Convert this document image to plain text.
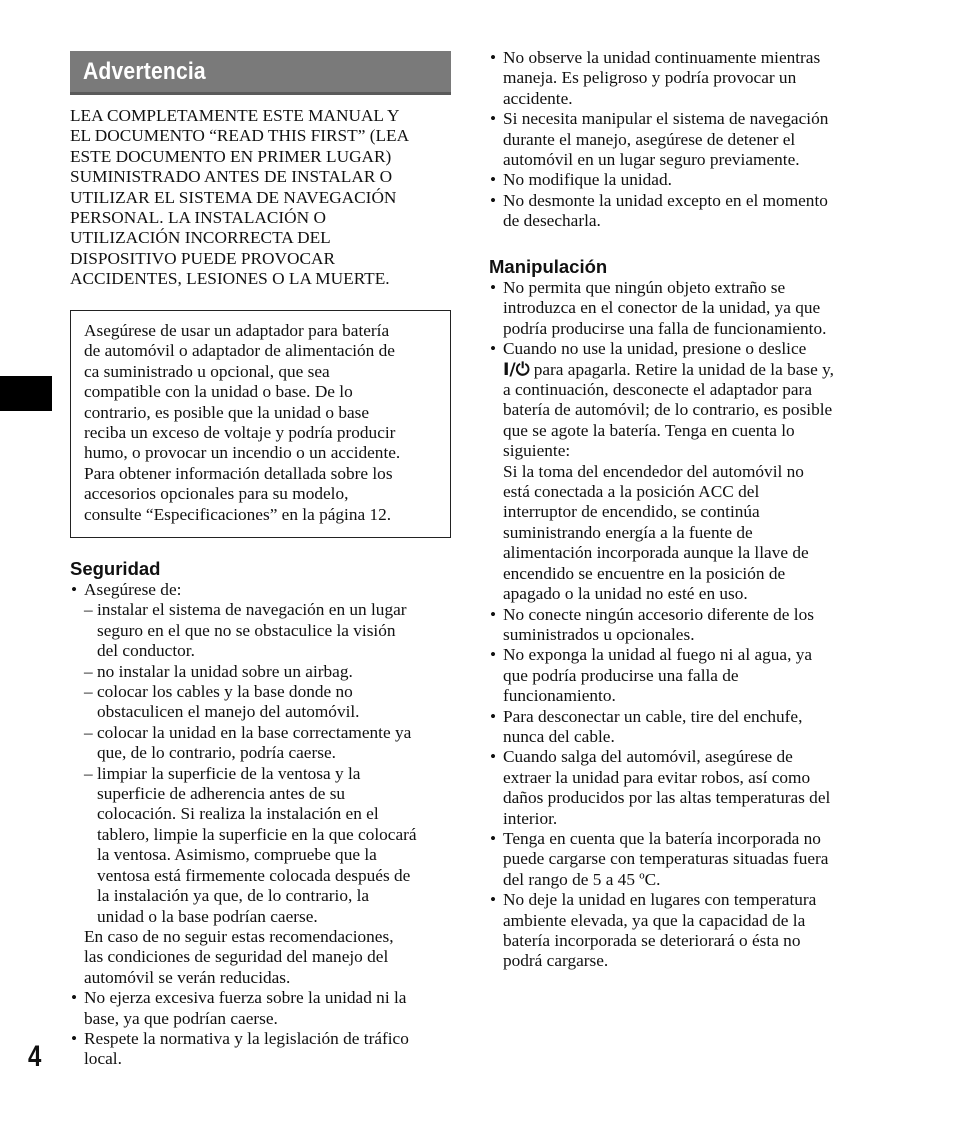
Advertencia
LEA COMPLETAMENTE ESTE MANUAL Y
EL DOCUMENTO “READ THIS FIRST” (LEA
ESTE DOCUMENTO EN PRIMER LUGAR)
SUMINISTRADO ANTES DE INSTALAR O
UTILIZAR EL SISTEMA DE NAVEGACIÓN
PERSONAL. LA INSTALACIÓN O
UTILIZACIÓN INCORRECTA DEL
DISPOSITIVO PUEDE PROVOCAR
ACCIDENTES, LESIONES O LA MUERTE.
Asegúrese de usar un adaptador para batería
de automóvil o adaptador de alimentación de
ca suministrado u opcional, que sea
compatible con la unidad o base. De lo
contrario, es posible que la unidad o base
reciba un exceso de voltaje y podría producir
humo, o provocar un incendio o un accidente.
Para obtener información detallada sobre los
accesorios opcionales para su modelo,
consulte “Especificaciones” en la página 12.

Seguridad

• Asegúrese de:
– instalar el sistema de navegación en un lugar
seguro en el que no se obstaculice la visión
del conductor.
– no instalar la unidad sobre un airbag.
– colocar los cables y la base donde no
obstaculicen el manejo del automóvil.
– colocar la unidad en la base correctamente ya
que, de lo contrario, podría caerse.
– limpiar la superficie de la ventosa y la
superficie de adherencia antes de su
colocación. Si realiza la instalación en el
tablero, limpie la superficie en la que colocará
la ventosa. Asimismo, compruebe que la
ventosa está firmemente colocada después de
la instalación ya que, de lo contrario, la
unidad o la base podrían caerse.
En caso de no seguir estas recomendaciones,
las condiciones de seguridad del manejo del
automóvil se verán reducidas.
• No ejerza excesiva fuerza sobre la unidad ni la
base, ya que podrían caerse.
• Respete la normativa y la legislación de tráfico
local.
• No observe la unidad continuamente mientras
maneja. Es peligroso y podría provocar un
accidente.
• Si necesita manipular el sistema de navegación
durante el manejo, asegúrese de detener el
automóvil en un lugar seguro previamente.
• No modifique la unidad.
• No desmonte la unidad excepto en el momento
de desecharla.

Manipulación

• No permita que ningún objeto extraño se
introduzca en el conector de la unidad, ya que
podría producirse una falla de funcionamiento.
• Cuando no use la unidad, presione o deslice
I/⏻ para apagarla. Retire la unidad de la base y,
a continuación, desconecte el adaptador para
batería de automóvil; de lo contrario, es posible
que se agote la batería. Tenga en cuenta lo
siguiente:
Si la toma del encendedor del automóvil no
está conectada a la posición ACC del
interruptor de encendido, se continúa
suministrando energía a la fuente de
alimentación incorporada aunque la llave de
encendido se encuentre en la posición de
apagado o la unidad no esté en uso.
• No conecte ningún accesorio diferente de los
suministrados u opcionales.
• No exponga la unidad al fuego ni al agua, ya
que podría producirse una falla de
funcionamiento.
• Para desconectar un cable, tire del enchufe,
nunca del cable.
• Cuando salga del automóvil, asegúrese de
extraer la unidad para evitar robos, así como
daños producidos por las altas temperaturas del
interior.
• Tenga en cuenta que la batería incorporada no
puede cargarse con temperaturas situadas fuera
del rango de 5 a 45 ºC.
• No deje la unidad en lugares con temperatura
ambiente elevada, ya que la capacidad de la
batería incorporada se deteriorará o ésta no
podrá cargarse.
4
